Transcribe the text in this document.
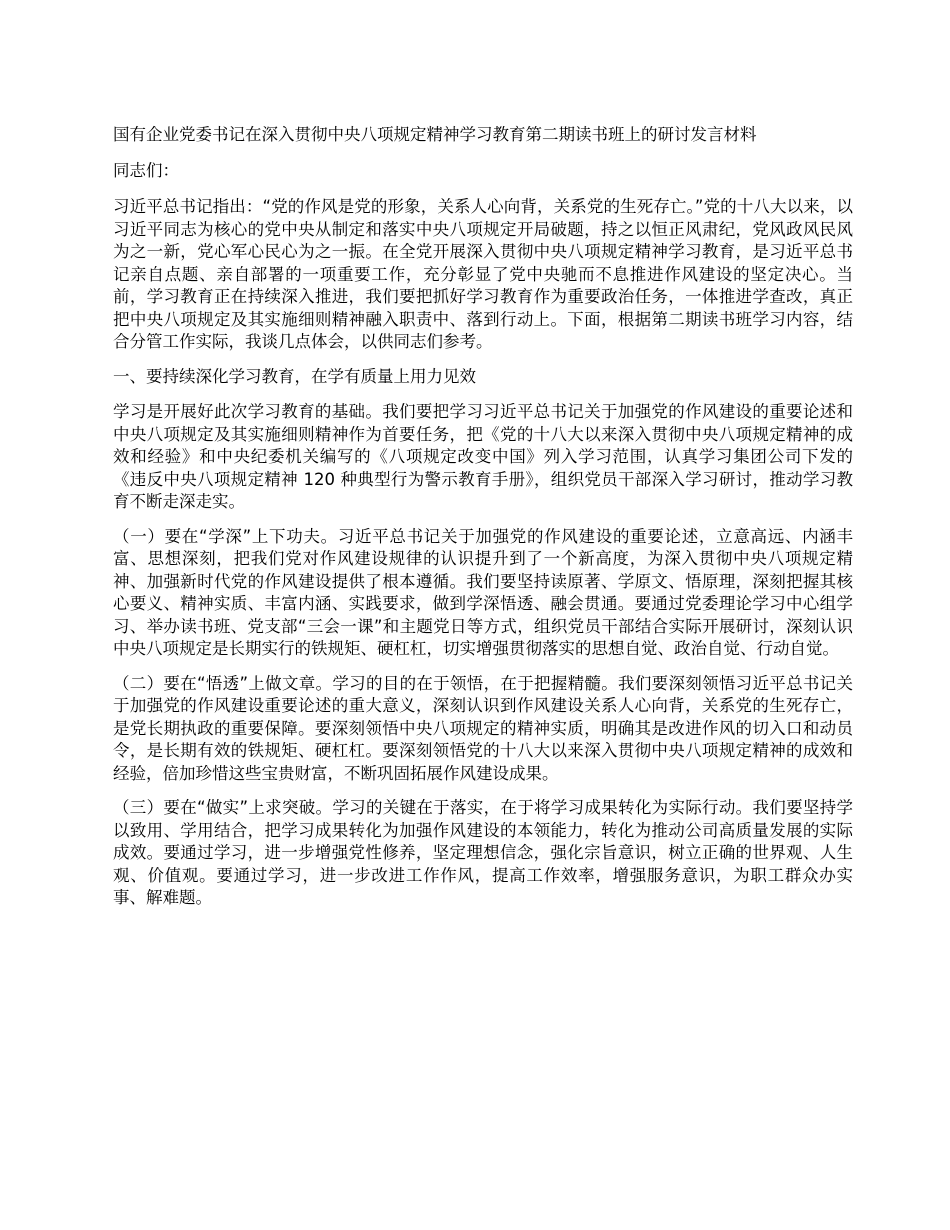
国有企业党委书记在深入贯彻中央八项规定精神学习教育第二期读书班上的研讨发言材料

同志们：

习近平总书记指出：“党的作风是党的形象，关系人心向背，关系党的生死存亡。”党的十八大以来，以习近平同志为核心的党中央从制定和落实中央八项规定开局破题，持之以恒正风肃纪，党风政风民风为之一新，党心军心民心为之一振。在全党开展深入贯彻中央八项规定精神学习教育，是习近平总书记亲自点题、亲自部署的一项重要工作，充分彰显了党中央驰而不息推进作风建设的坚定决心。当前，学习教育正在持续深入推进，我们要把抓好学习教育作为重要政治任务，一体推进学查改，真正把中央八项规定及其实施细则精神融入职责中、落到行动上。下面，根据第二期读书班学习内容，结合分管工作实际，我谈几点体会，以供同志们参考。

一、要持续深化学习教育，在学有质量上用力见效

学习是开展好此次学习教育的基础。我们要把学习习近平总书记关于加强党的作风建设的重要论述和中央八项规定及其实施细则精神作为首要任务，把《党的十八大以来深入贯彻中央八项规定精神的成效和经验》和中央纪委机关编写的《八项规定改变中国》列入学习范围，认真学习集团公司下发的《违反中央八项规定精神 120 种典型行为警示教育手册》，组织党员干部深入学习研讨，推动学习教育不断走深走实。

（一）要在“学深”上下功夫。习近平总书记关于加强党的作风建设的重要论述，立意高远、内涵丰富、思想深刻，把我们党对作风建设规律的认识提升到了一个新高度，为深入贯彻中央八项规定精神、加强新时代党的作风建设提供了根本遵循。我们要坚持读原著、学原文、悟原理，深刻把握其核心要义、精神实质、丰富内涵、实践要求，做到学深悟透、融会贯通。要通过党委理论学习中心组学习、举办读书班、党支部“三会一课”和主题党日等方式，组织党员干部结合实际开展研讨，深刻认识中央八项规定是长期实行的铁规矩、硬杠杠，切实增强贯彻落实的思想自觉、政治自觉、行动自觉。

（二）要在“悟透”上做文章。学习的目的在于领悟，在于把握精髓。我们要深刻领悟习近平总书记关于加强党的作风建设重要论述的重大意义，深刻认识到作风建设关系人心向背，关系党的生死存亡，是党长期执政的重要保障。要深刻领悟中央八项规定的精神实质，明确其是改进作风的切入口和动员令，是长期有效的铁规矩、硬杠杠。要深刻领悟党的十八大以来深入贯彻中央八项规定精神的成效和经验，倍加珍惜这些宝贵财富，不断巩固拓展作风建设成果。

（三）要在“做实”上求突破。学习的关键在于落实，在于将学习成果转化为实际行动。我们要坚持学以致用、学用结合，把学习成果转化为加强作风建设的本领能力，转化为推动公司高质量发展的实际成效。要通过学习，进一步增强党性修养，坚定理想信念，强化宗旨意识，树立正确的世界观、人生观、价值观。要通过学习，进一步改进工作作风，提高工作效率，增强服务意识，为职工群众办实事、解难题。
